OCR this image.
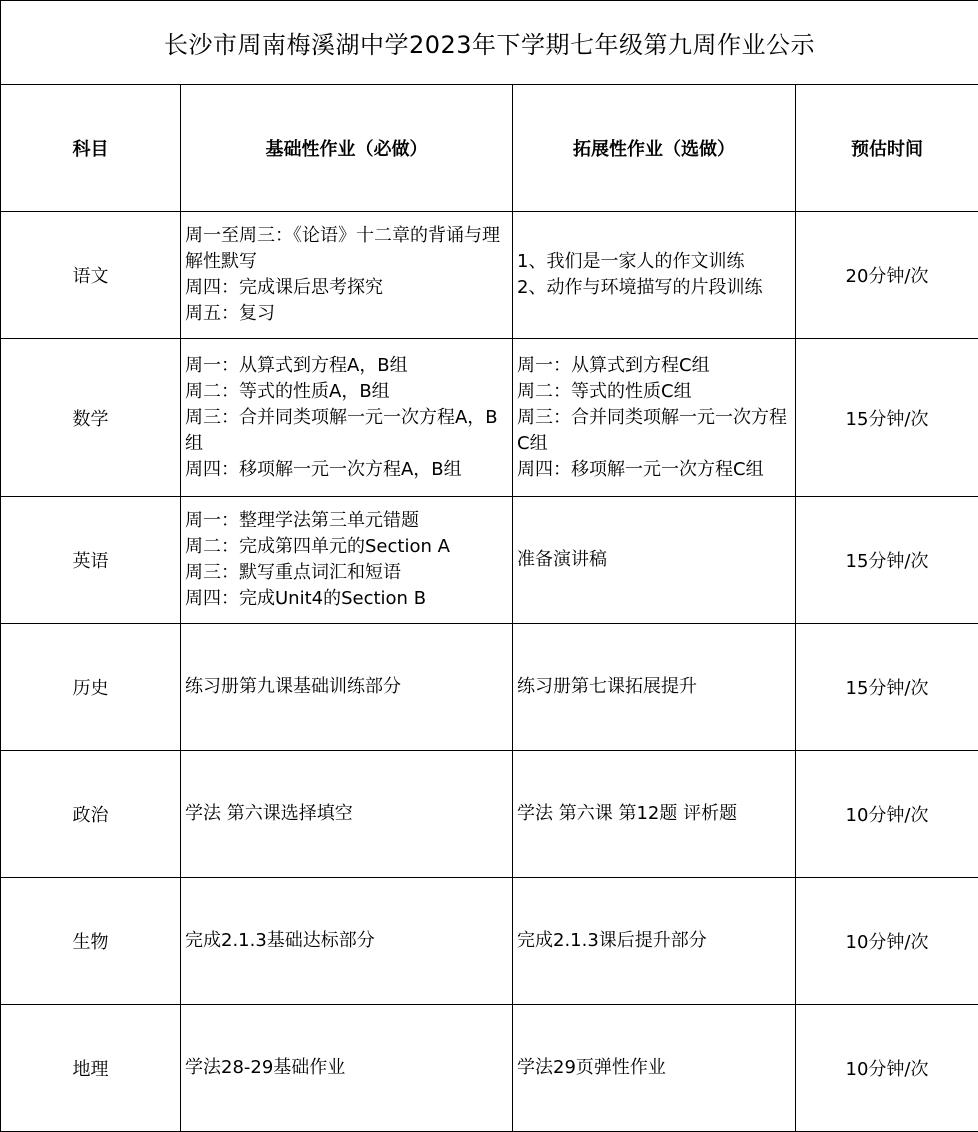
长沙市周南梅溪湖中学2023年下学期七年级第九周作业公示			
科目	基础性作业（必做）	拓展性作业（选做）	预估时间
语文	周一至周三：《论语》十二章的背诵与理解性默写
周四：完成课后思考探究
周五：复习	1、我们是一家人的作文训练
2、动作与环境描写的片段训练	20分钟/次
数学	周一：从算式到方程A，B组
周二：等式的性质A，B组
周三：合并同类项解一元一次方程A，B组
周四：移项解一元一次方程A，B组	周一：从算式到方程C组
周二：等式的性质C组
周三：合并同类项解一元一次方程C组
周四：移项解一元一次方程C组	15分钟/次
英语	周一：整理学法第三单元错题
周二：完成第四单元的Section A
周三：默写重点词汇和短语
周四：完成Unit4的Section B	准备演讲稿	15分钟/次
历史	练习册第九课基础训练部分	练习册第七课拓展提升	15分钟/次
政治	学法 第六课选择填空	学法 第六课 第12题 评析题	10分钟/次
生物	完成2.1.3基础达标部分	完成2.1.3课后提升部分	10分钟/次
地理	学法28-29基础作业	学法29页弹性作业	10分钟/次
